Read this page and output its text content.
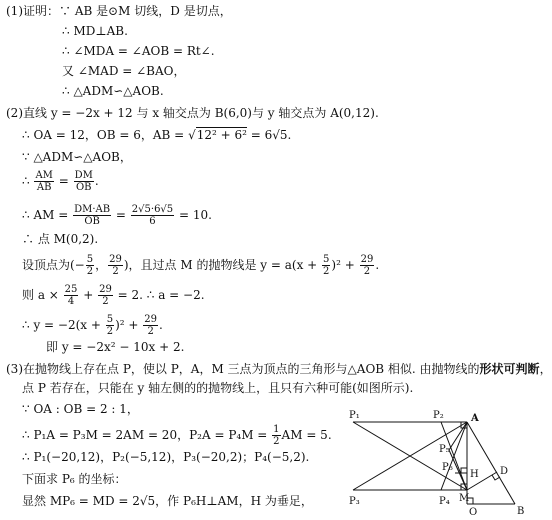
(1)证明：∵ AB 是⊙M 切线，D 是切点，
∴ MD⊥AB.
∴ ∠MDA = ∠AOB = Rt∠.
又 ∠MAD = ∠BAO，
∴ △ADM∽△AOB.
(2)直线 y = −2x + 12 与 x 轴交点为 B(6,0)与 y 轴交点为 A(0,12).
∴ OA = 12，OB = 6，AB = √12² + 6² = 6√5.
∵ △ADM∽△AOB，
∴ $\frac{AM}{AB} = \frac{DM}{OB}$ .
∴ AM = $\frac{DM\cdot AB}{OB} = \frac{2√5\cdot 6√5}{6} = 10$.
∴ 点 M(0,2).
设顶点为(− $\frac{5}{2}$ ， $\frac{29}{2}$ )，且过点 M 的抛物线是 $y = a(x + \frac{5}{2} )^2 + \frac{29}{2}$ .
则 $a \times \frac{25}{4} + \frac{29}{2} = 2$. ∴ a = −2.
∴ $y = -2(x + \frac{5}{2} )^2 + \frac{29}{2}$ .
即 y = −2x² − 10x + 2.
(3)在抛物线上存在点 P，使以 P，A，M 三点为顶点的三角形与△AOB 相似. 由抛物线的形状可判断，
点 P 若存在，只能在 y 轴左侧的的抛物线上，且只有六种可能(如图所示).
∵ OA : OB = 2 : 1，
∴ P₁A = P₃M = 2AM = 20，$P_2A = P_4M = \frac{1}{2}$ AM = 5.
∴ P₁(−20,12)，P₂(−5,12)，P₃(−20,2)；P₄(−5,2).
下面求 P₆ 的坐标：
显然 MP₆ = MD = 2√5，作 P₆H⊥AM，H 为垂足，
P₁	P₂	A
P₅
P₆
H D
M
P₃	P₄
O	B
